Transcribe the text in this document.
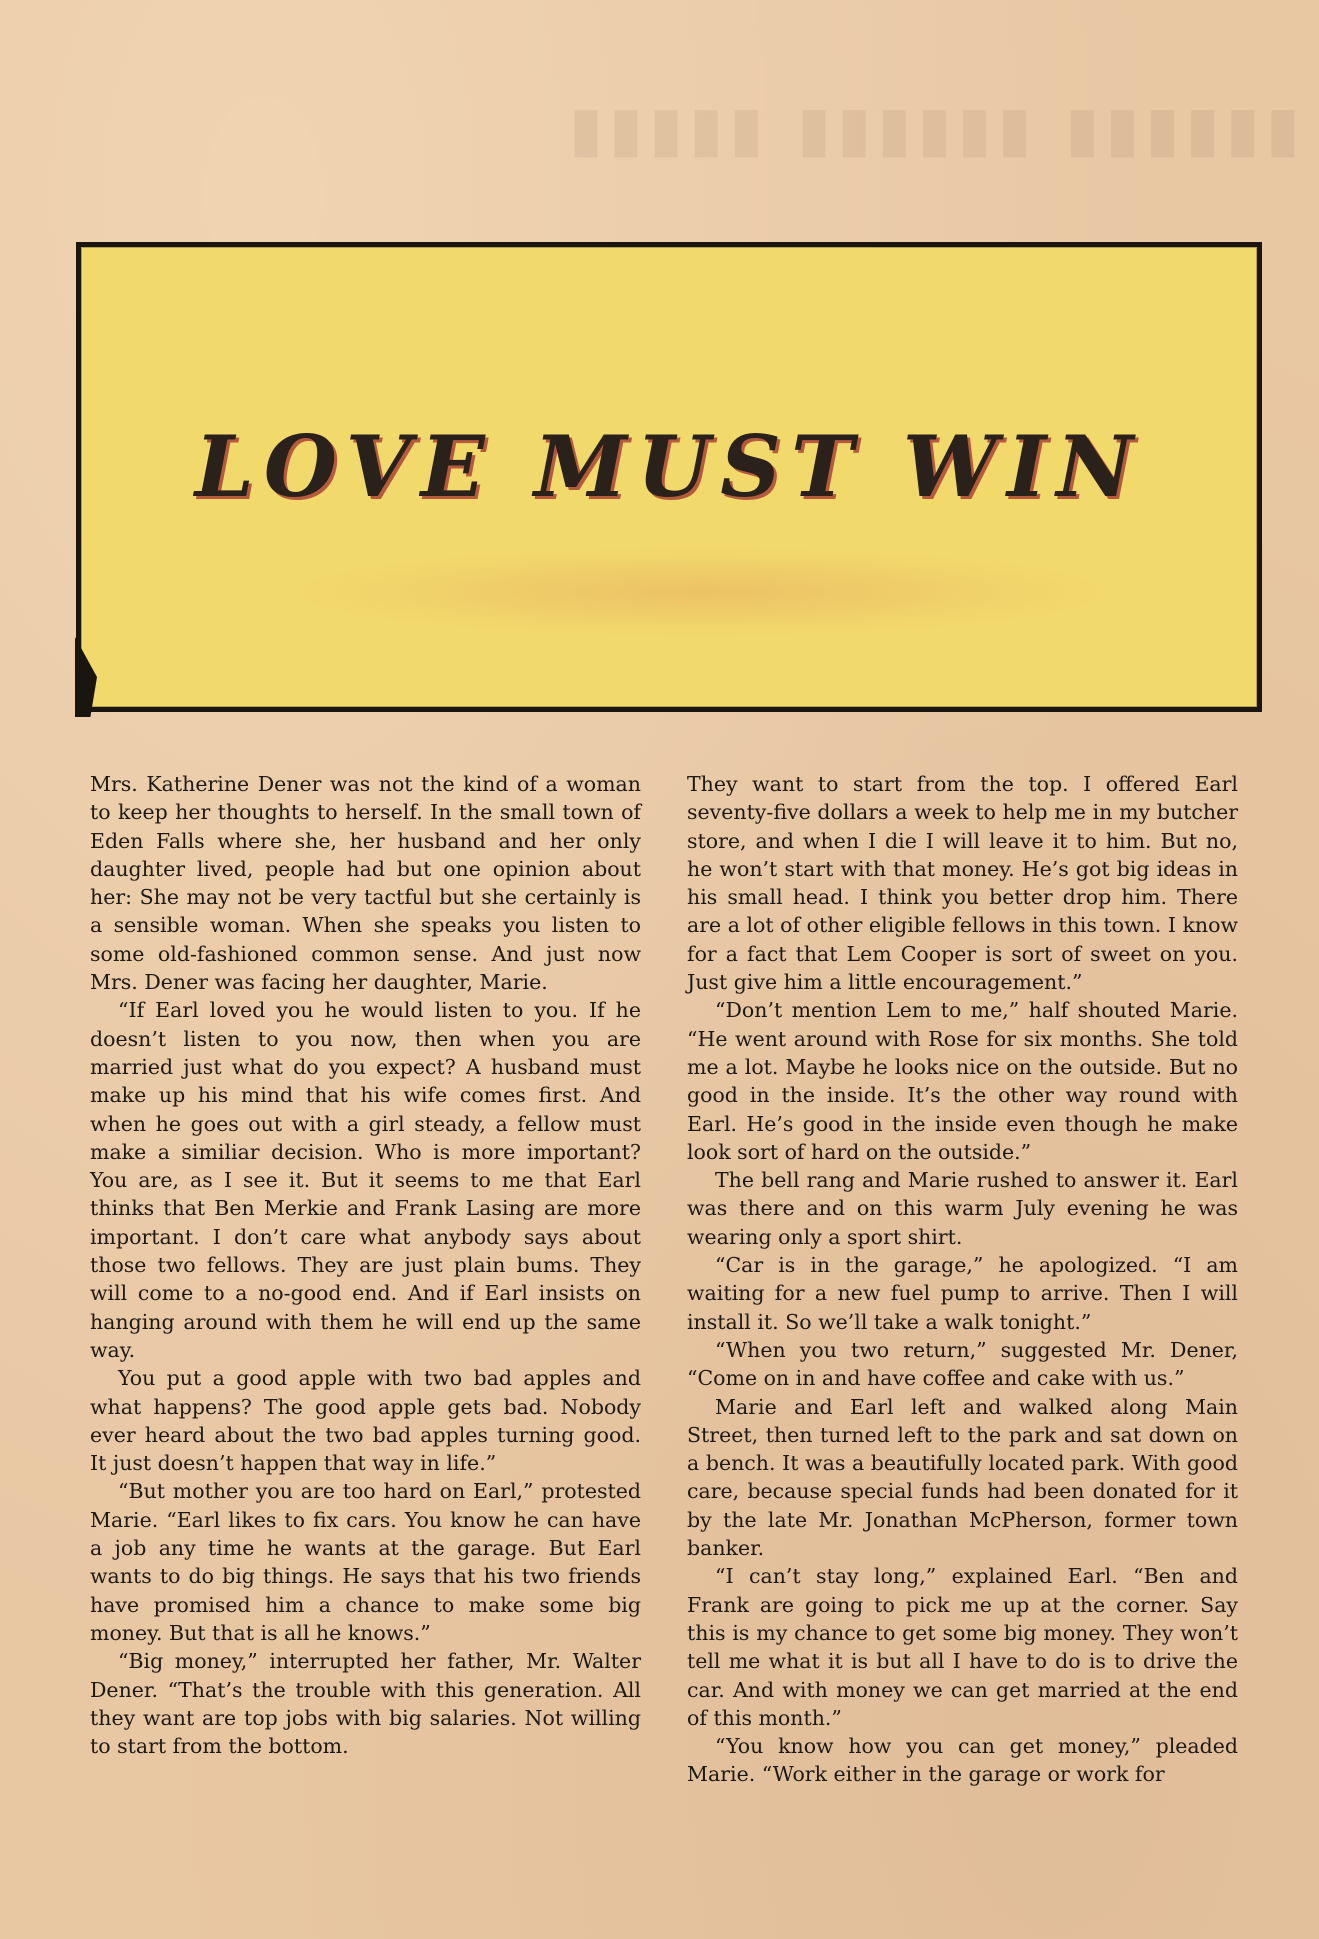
▮▮▮▮▮▮ ▮▮▮▮▮▮ ▮▮▮▮▮
LOVE MUST WIN

Mrs. Katherine Dener was not the kind of a woman to keep her thoughts to herself. In the small town of Eden Falls where she, her husband and her only daughter lived, people had but one opinion about her: She may not be very tactful but she certainly is a sensible woman. When she speaks you listen to some old-fashioned common sense. And just now Mrs. Dener was facing her daughter, Marie.

“If Earl loved you he would listen to you. If he doesn’t listen to you now, then when you are married just what do you expect? A husband must make up his mind that his wife comes first. And when he goes out with a girl steady, a fellow must make a similiar decision. Who is more important? You are, as I see it. But it seems to me that Earl thinks that Ben Merkie and Frank Lasing are more important. I don’t care what anybody says about those two fellows. They are just plain bums. They will come to a no-good end. And if Earl insists on hanging around with them he will end up the same way.

You put a good apple with two bad apples and what happens? The good apple gets bad. Nobody ever heard about the two bad apples turning good. It just doesn’t happen that way in life.”

“But mother you are too hard on Earl,” protested Marie. “Earl likes to fix cars. You know he can have a job any time he wants at the garage. But Earl wants to do big things. He says that his two friends have promised him a chance to make some big money. But that is all he knows.”

“Big money,” interrupted her father, Mr. Walter Dener. “That’s the trouble with this generation. All they want are top jobs with big salaries. Not willing to start from the bottom.

They want to start from the top. I offered Earl seventy-five dollars a week to help me in my butcher store, and when I die I will leave it to him. But no, he won’t start with that money. He’s got big ideas in his small head. I think you better drop him. There are a lot of other eligible fellows in this town. I know for a fact that Lem Cooper is sort of sweet on you. Just give him a little encouragement.”

“Don’t mention Lem to me,” half shouted Marie. “He went around with Rose for six months. She told me a lot. Maybe he looks nice on the outside. But no good in the inside. It’s the other way round with Earl. He’s good in the inside even though he make look sort of hard on the outside.”

The bell rang and Marie rushed to answer it. Earl was there and on this warm July evening he was wearing only a sport shirt.

“Car is in the garage,” he apologized. “I am waiting for a new fuel pump to arrive. Then I will install it. So we’ll take a walk tonight.”

“When you two return,” suggested Mr. Dener, “Come on in and have coffee and cake with us.”

Marie and Earl left and walked along Main Street, then turned left to the park and sat down on a bench. It was a beautifully located park. With good care, because special funds had been donated for it by the late Mr. Jonathan McPherson, former town banker.

“I can’t stay long,” explained Earl. “Ben and Frank are going to pick me up at the corner. Say this is my chance to get some big money. They won’t tell me what it is but all I have to do is to drive the car. And with money we can get married at the end of this month.”

“You know how you can get money,” pleaded Marie. “Work either in the garage or work for
